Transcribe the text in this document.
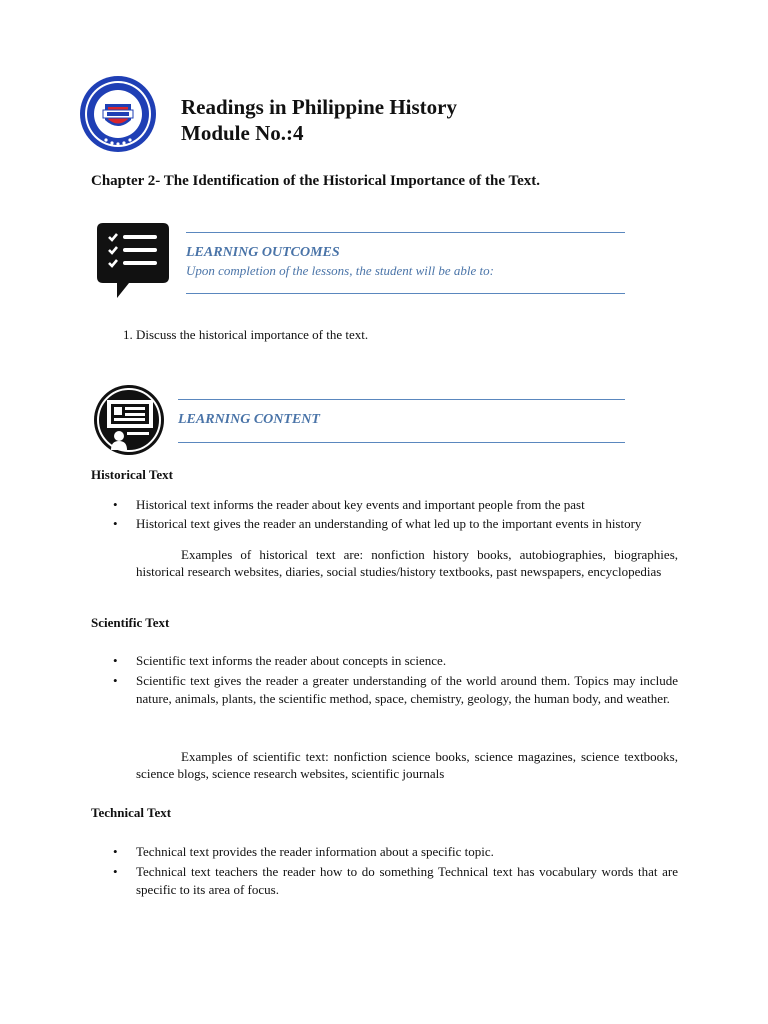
Readings in Philippine History
Module No.:4
Chapter 2- The Identification of the Historical Importance of the Text.
LEARNING OUTCOMES
Upon completion of the lessons, the student will be able to:
1. Discuss the historical importance of the text.
LEARNING CONTENT
Historical Text
• Historical text informs the reader about key events and important people from the past
• Historical text gives the reader an understanding of what led up to the important events in history

Examples of historical text are: nonfiction history books, autobiographies, biographies, historical research websites, diaries, social studies/history textbooks, past newspapers, encyclopedias

Scientific Text
• Scientific text informs the reader about concepts in science.
• Scientific text gives the reader a greater understanding of the world around them. Topics may include nature, animals, plants, the scientific method, space, chemistry, geology, the human body, and weather.

Examples of scientific text: nonfiction science books, science magazines, science textbooks, science blogs, science research websites, scientific journals

Technical Text
• Technical text provides the reader information about a specific topic.
• Technical text teachers the reader how to do something Technical text has vocabulary words that are specific to its area of focus.
